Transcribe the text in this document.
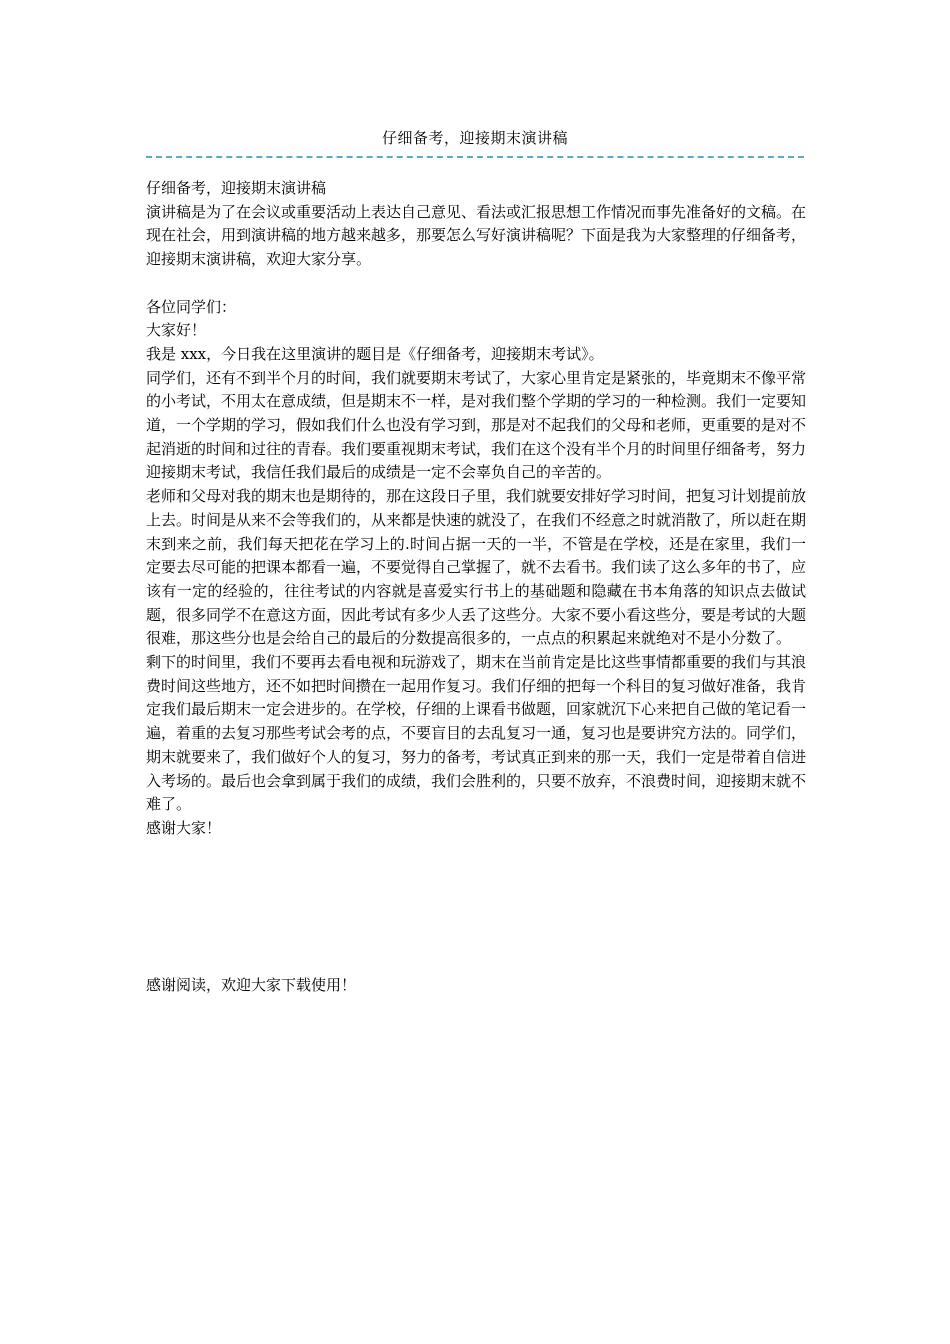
仔细备考，迎接期末演讲稿

仔细备考，迎接期末演讲稿

演讲稿是为了在会议或重要活动上表达自己意见、看法或汇报思想工作情况而事先准备好的文稿。在现在社会，用到演讲稿的地方越来越多，那要怎么写好演讲稿呢？下面是我为大家整理的仔细备考，迎接期末演讲稿，欢迎大家分享。

各位同学们：

大家好！

我是 xxx，今日我在这里演讲的题目是《仔细备考，迎接期末考试》。

同学们，还有不到半个月的时间，我们就要期末考试了，大家心里肯定是紧张的，毕竟期末不像平常的小考试，不用太在意成绩，但是期末不一样，是对我们整个学期的学习的一种检测。我们一定要知道，一个学期的学习，假如我们什么也没有学习到，那是对不起我们的父母和老师，更重要的是对不起消逝的时间和过往的青春。我们要重视期末考试，我们在这个没有半个月的时间里仔细备考，努力迎接期末考试，我信任我们最后的成绩是一定不会辜负自己的辛苦的。

老师和父母对我的期末也是期待的，那在这段日子里，我们就要安排好学习时间，把复习计划提前放上去。时间是从来不会等我们的，从来都是快速的就没了，在我们不经意之时就消散了，所以赶在期末到来之前，我们每天把花在学习上的.时间占据一天的一半，不管是在学校，还是在家里，我们一定要去尽可能的把课本都看一遍，不要觉得自己掌握了，就不去看书。我们读了这么多年的书了，应该有一定的经验的，往往考试的内容就是喜爱实行书上的基础题和隐藏在书本角落的知识点去做试题，很多同学不在意这方面，因此考试有多少人丢了这些分。大家不要小看这些分，要是考试的大题很难，那这些分也是会给自己的最后的分数提高很多的，一点点的积累起来就绝对不是小分数了。

剩下的时间里，我们不要再去看电视和玩游戏了，期末在当前肯定是比这些事情都重要的我们与其浪费时间这些地方，还不如把时间攒在一起用作复习。我们仔细的把每一个科目的复习做好准备，我肯定我们最后期末一定会进步的。在学校，仔细的上课看书做题，回家就沉下心来把自己做的笔记看一遍，着重的去复习那些考试会考的点，不要盲目的去乱复习一通，复习也是要讲究方法的。同学们，期末就要来了，我们做好个人的复习，努力的备考，考试真正到来的那一天，我们一定是带着自信进入考场的。最后也会拿到属于我们的成绩，我们会胜利的，只要不放弃，不浪费时间，迎接期末就不难了。

感谢大家！

感谢阅读，欢迎大家下载使用！
